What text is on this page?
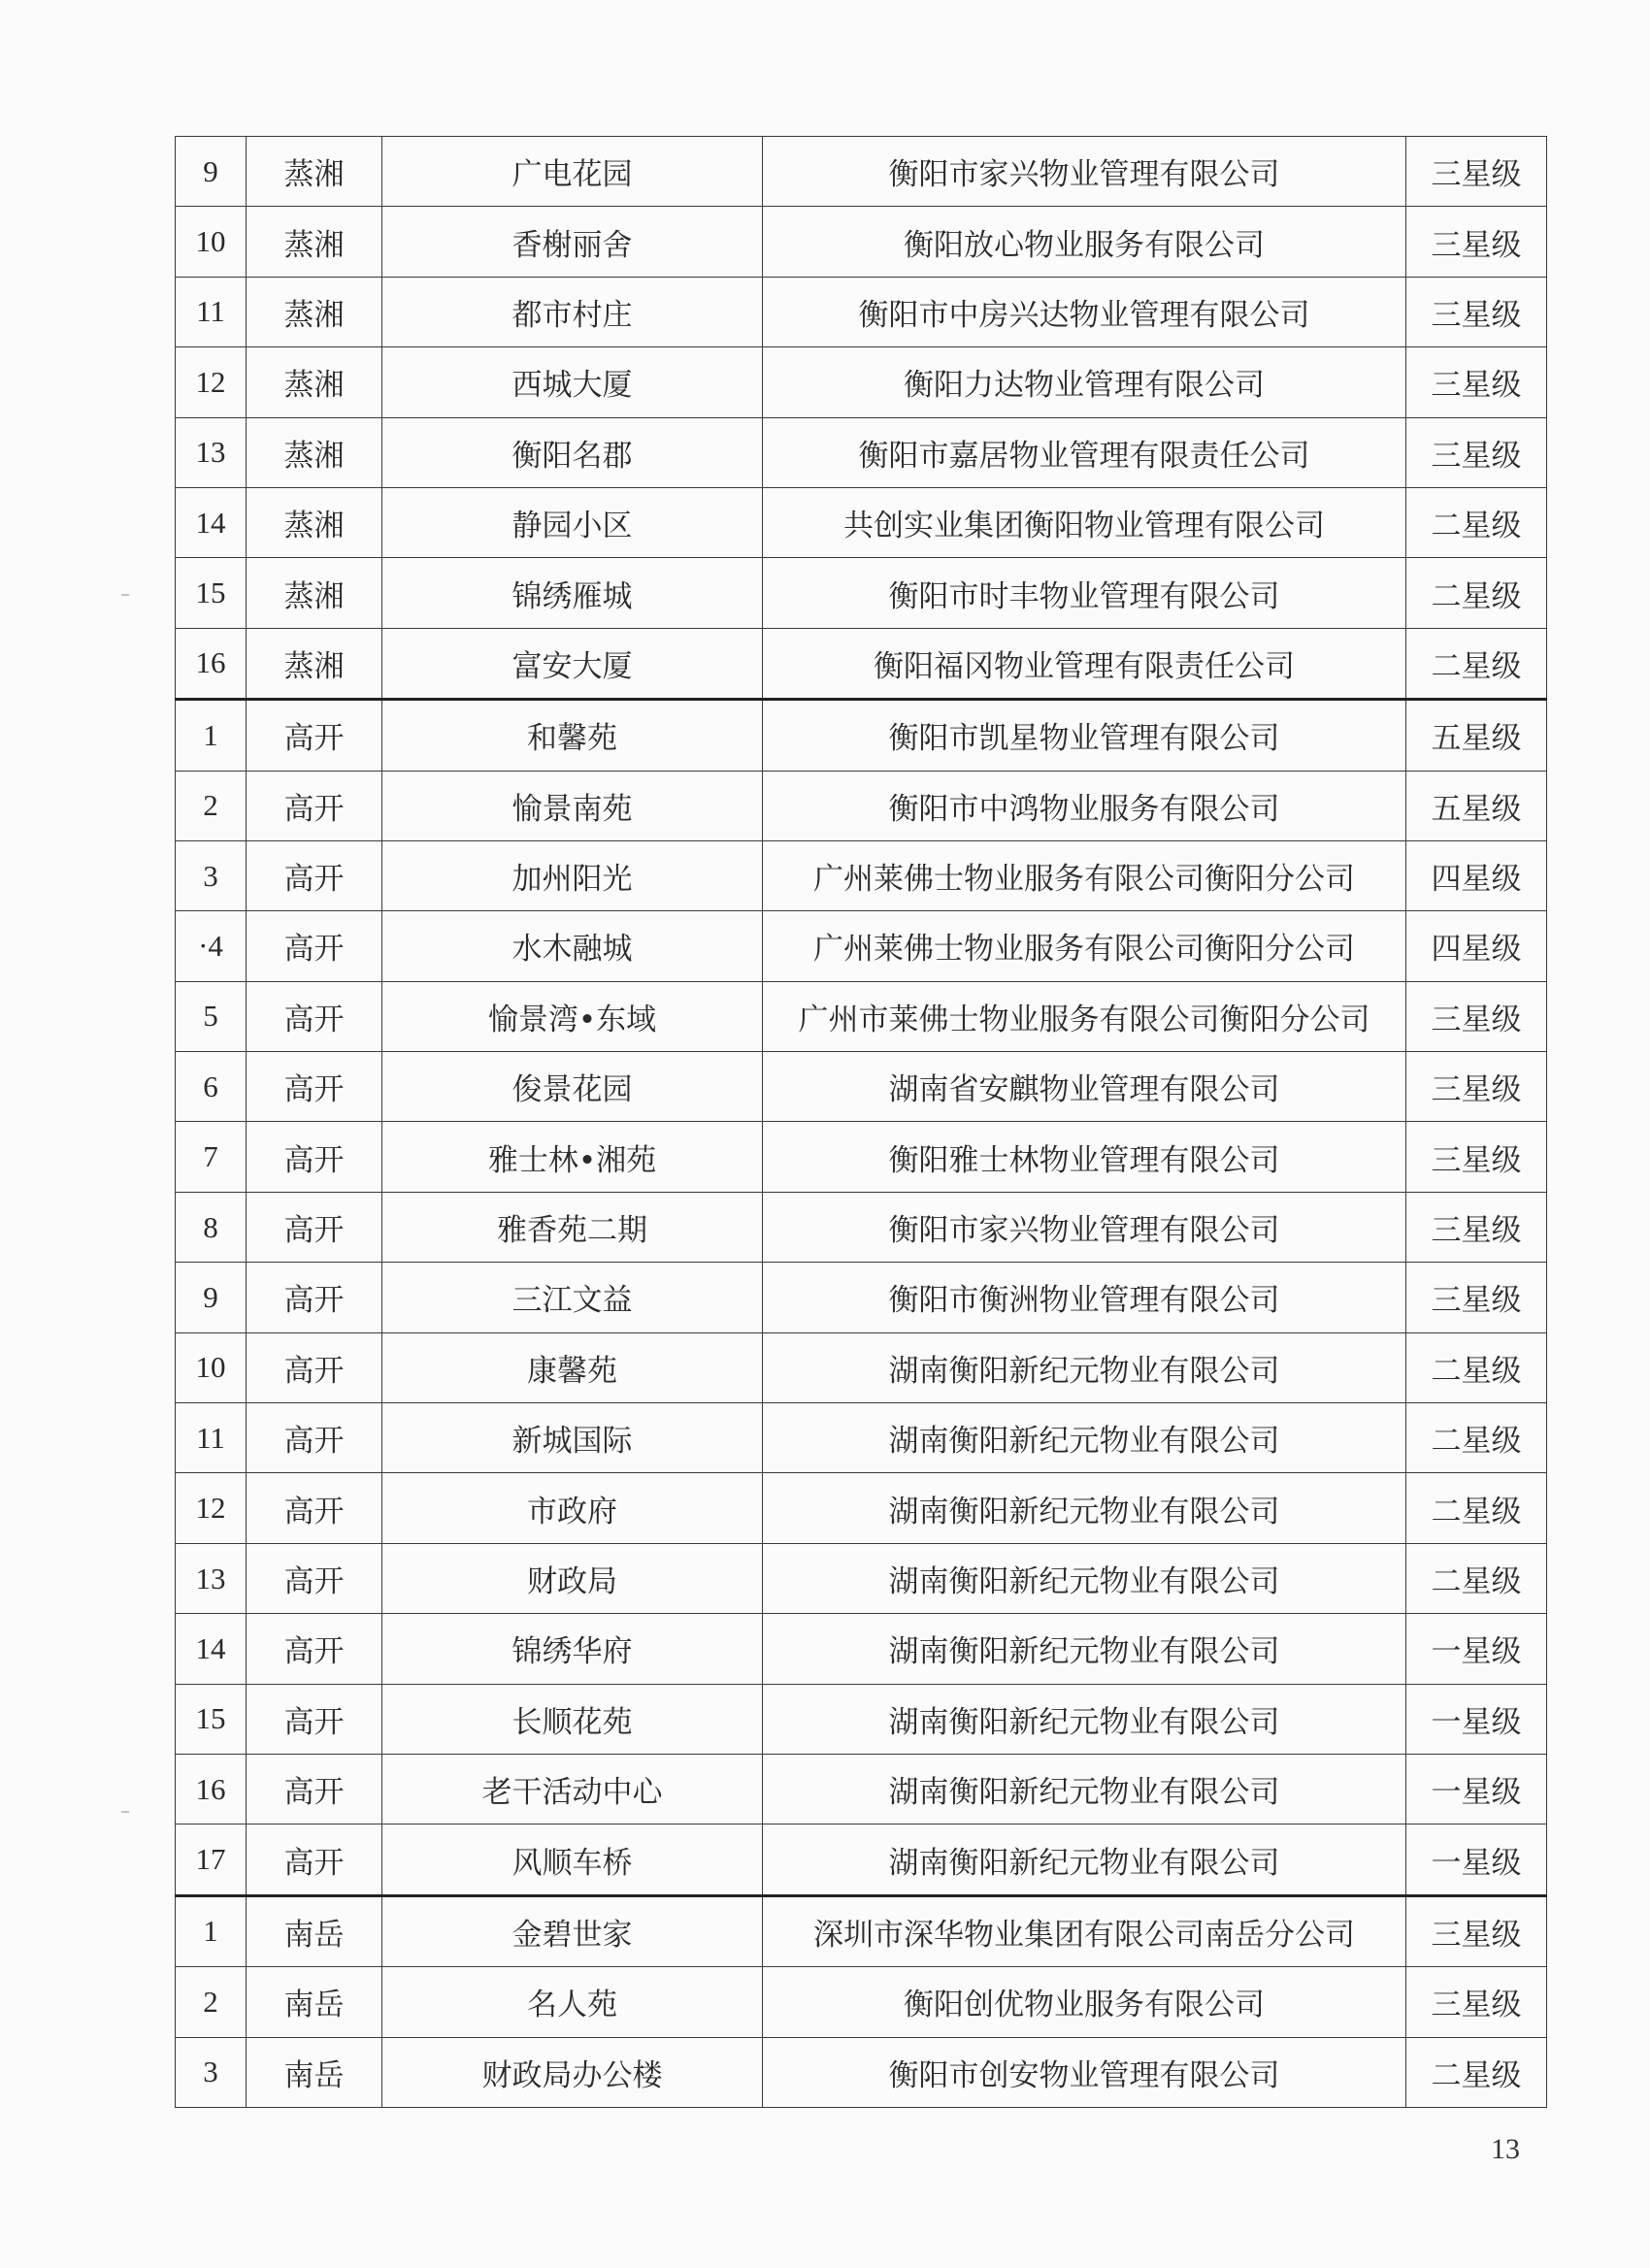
9	蒸湘	广电花园	衡阳市家兴物业管理有限公司	三星级
10	蒸湘	香榭丽舍	衡阳放心物业服务有限公司	三星级
11	蒸湘	都市村庄	衡阳市中房兴达物业管理有限公司	三星级
12	蒸湘	西城大厦	衡阳力达物业管理有限公司	三星级
13	蒸湘	衡阳名郡	衡阳市嘉居物业管理有限责任公司	三星级
14	蒸湘	静园小区	共创实业集团衡阳物业管理有限公司	二星级
15	蒸湘	锦绣雁城	衡阳市时丰物业管理有限公司	二星级
16	蒸湘	富安大厦	衡阳福冈物业管理有限责任公司	二星级
1	高开	和馨苑	衡阳市凯星物业管理有限公司	五星级
2	高开	愉景南苑	衡阳市中鸿物业服务有限公司	五星级
3	高开	加州阳光	广州莱佛士物业服务有限公司衡阳分公司	四星级
·4	高开	水木融城	广州莱佛士物业服务有限公司衡阳分公司	四星级
5	高开	愉景湾•东域	广州市莱佛士物业服务有限公司衡阳分公司	三星级
6	高开	俊景花园	湖南省安麒物业管理有限公司	三星级
7	高开	雅士林•湘苑	衡阳雅士林物业管理有限公司	三星级
8	高开	雅香苑二期	衡阳市家兴物业管理有限公司	三星级
9	高开	三江文益	衡阳市衡洲物业管理有限公司	三星级
10	高开	康馨苑	湖南衡阳新纪元物业有限公司	二星级
11	高开	新城国际	湖南衡阳新纪元物业有限公司	二星级
12	高开	市政府	湖南衡阳新纪元物业有限公司	二星级
13	高开	财政局	湖南衡阳新纪元物业有限公司	二星级
14	高开	锦绣华府	湖南衡阳新纪元物业有限公司	一星级
15	高开	长顺花苑	湖南衡阳新纪元物业有限公司	一星级
16	高开	老干活动中心	湖南衡阳新纪元物业有限公司	一星级
17	高开	风顺车桥	湖南衡阳新纪元物业有限公司	一星级
1	南岳	金碧世家	深圳市深华物业集团有限公司南岳分公司	三星级
2	南岳	名人苑	衡阳创优物业服务有限公司	三星级
3	南岳	财政局办公楼	衡阳市创安物业管理有限公司	二星级
13
